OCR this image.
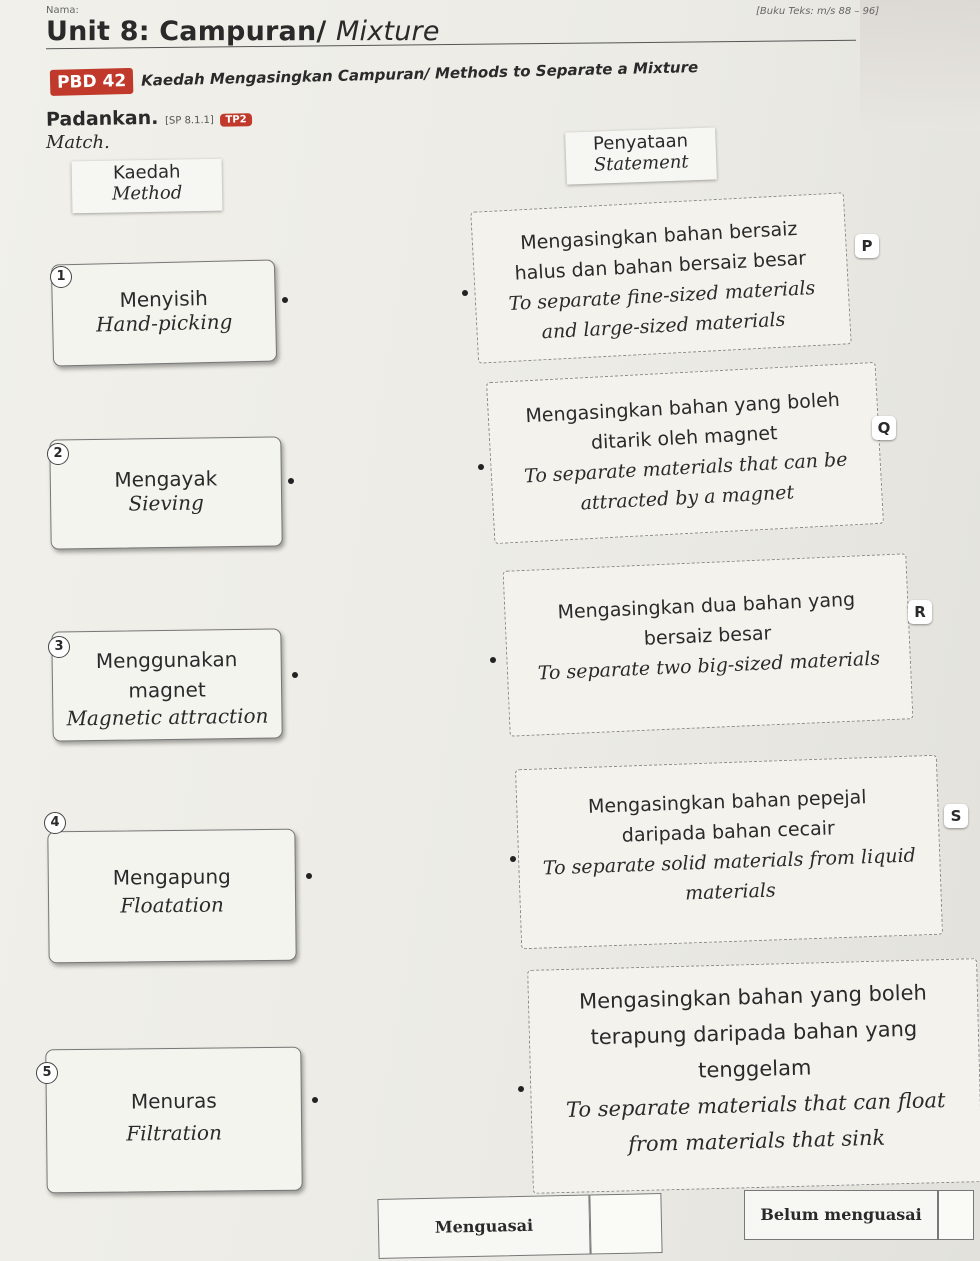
Nama:	[Buku Teks: m/s 88 – 96]
Unit 8: Campuran/ Mixture
PBD 42 Kaedah Mengasingkan Campuran/ Methods to Separate a Mixture
Padankan. [SP 8.1.1] TP2
Match.
Kaedah
Method
Penyataan
Statement
Menyisih
Hand-picking
1
Mengasingkan bahan bersaiz halus dan bahan bersaiz besar
To separate fine-sized materials and large-sized materials
P
Mengayak
Sieving
2
Mengasingkan bahan yang boleh ditarik oleh magnet
To separate materials that can be attracted by a magnet
Q
Menggunakan magnet
Magnetic attraction
3
Mengasingkan dua bahan yang bersaiz besar
To separate two big-sized materials
R
Mengapung
Floatation
4
Mengasingkan bahan pepejal daripada bahan cecair
To separate solid materials from liquid materials
S
Menuras
Filtration
5
Mengasingkan bahan yang boleh terapung daripada bahan yang tenggelam
To separate materials that can float from materials that sink
Menguasai
Belum menguasai
